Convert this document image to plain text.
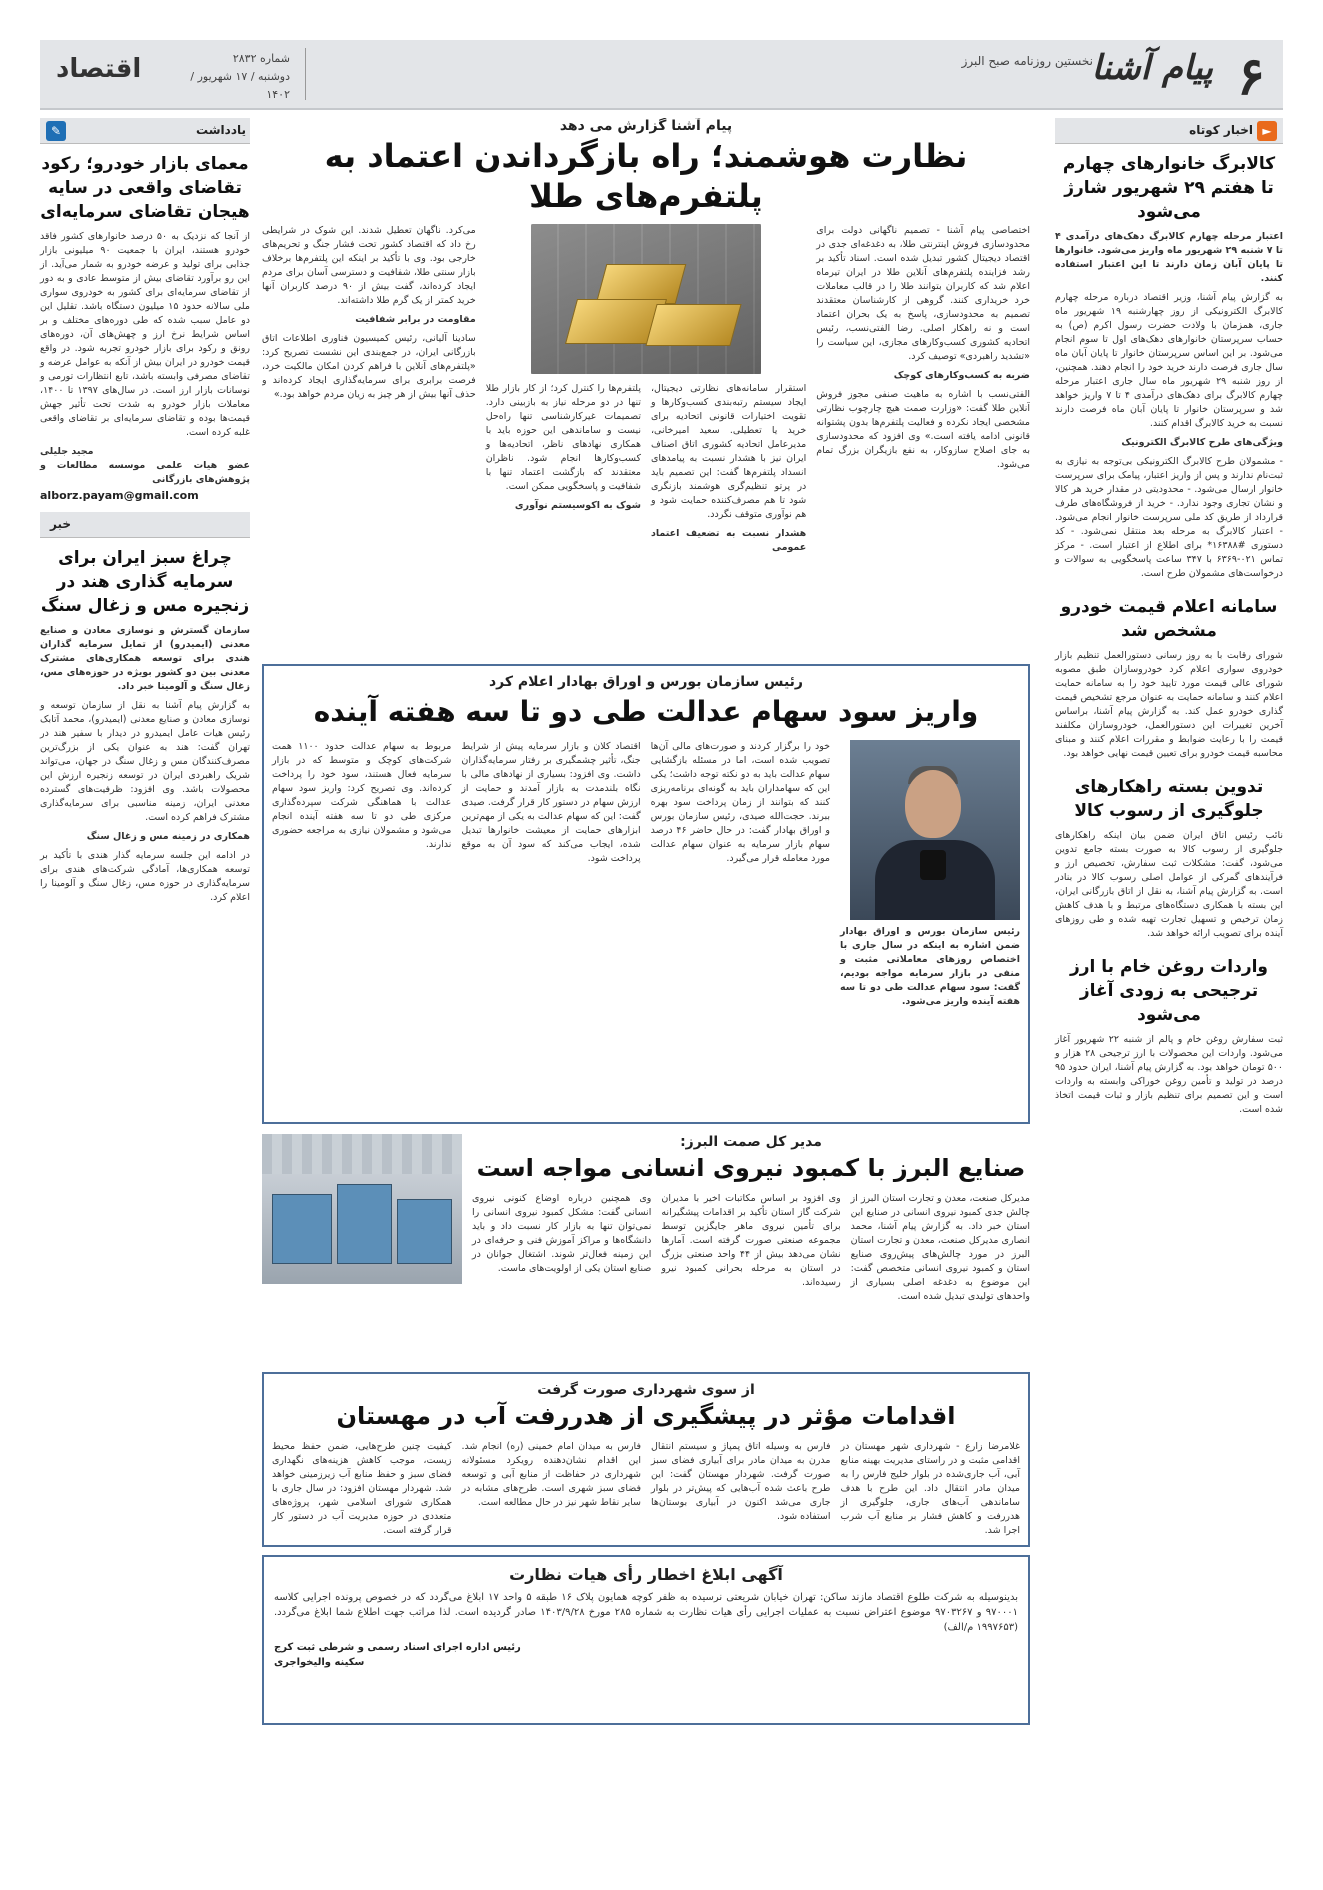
۶
پیام آشنا
نخستین روزنامه صبح البرز
شماره ۲۸۳۲
دوشنبه / ۱۷ شهریور / ۱۴۰۲
اقتصاد
►
اخبار کوتاه
کالابرگ خانوارهای چهارم تا هفتم ۲۹ شهریور شارژ می‌شود

اعتبار مرحله چهارم کالابرگ دهک‌های درآمدی ۴ تا ۷ شنبه ۲۹ شهریور ماه واریز می‌شود. خانوارها تا پایان آبان زمان دارند تا این اعتبار استفاده کنند.

به گزارش پیام آشنا، وزیر اقتصاد درباره مرحله چهارم کالابرگ الکترونیکی از روز چهارشنبه ۱۹ شهریور ماه جاری، همزمان با ولادت حضرت رسول اکرم (ص) به حساب سرپرستان خانوارهای دهک‌های اول تا سوم انجام می‌شود. بر این اساس سرپرستان خانوار تا پایان آبان ماه سال جاری فرصت دارند خرید خود را انجام دهند. همچنین، از روز شنبه ۲۹ شهریور ماه سال جاری اعتبار مرحله چهارم کالابرگ برای دهک‌های درآمدی ۴ تا ۷ واریز خواهد شد و سرپرستان خانوار تا پایان آبان ماه فرصت دارند نسبت به خرید کالابرگ اقدام کنند.

ویژگی‌های طرح کالابرگ الکترونیک

- مشمولان طرح کالابرگ الکترونیکی بی‌توجه به نیازی به ثبت‌نام ندارند و پس از واریز اعتبار، پیامک برای سرپرست خانوار ارسال می‌شود. - محدودیتی در مقدار خرید هر کالا و نشان تجاری وجود ندارد. - خرید از فروشگاه‌های طرف قرارداد از طریق کد ملی سرپرست خانوار انجام می‌شود. - اعتبار کالابرگ به مرحله بعد منتقل نمی‌شود. - کد دستوری #۱۶۳۸۸* برای اطلاع از اعتبار است. - مرکز تماس ۰۲۱-۶۳۶۹ با ۳۴۷ ساعت پاسخگویی به سوالات و درخواست‌های مشمولان طرح است.

سامانه اعلام قیمت خودرو مشخص شد

شورای رقابت با به روز رسانی دستورالعمل تنظیم بازار خودروی سواری اعلام کرد خودروسازان طبق مصوبه شورای عالی قیمت مورد تایید خود را به سامانه حمایت اعلام کنند و سامانه حمایت به عنوان مرجع تشخیص قیمت گذاری خودرو عمل کند. به گزارش پیام آشنا، براساس آخرین تغییرات این دستورالعمل، خودروسازان مکلفند قیمت را با رعایت ضوابط و مقررات اعلام کنند و مبنای محاسبه قیمت خودرو برای تعیین قیمت نهایی خواهد بود.

تدوین بسته راهکارهای جلوگیری از رسوب کالا

نائب رئیس اتاق ایران ضمن بیان اینکه راهکارهای جلوگیری از رسوب کالا به صورت بسته جامع تدوین می‌شود، گفت: مشکلات ثبت سفارش، تخصیص ارز و فرآیندهای گمرکی از عوامل اصلی رسوب کالا در بنادر است. به گزارش پیام آشنا، به نقل از اتاق بازرگانی ایران، این بسته با همکاری دستگاه‌های مرتبط و با هدف کاهش زمان ترخیص و تسهیل تجارت تهیه شده و طی روزهای آینده برای تصویب ارائه خواهد شد.

واردات روغن خام با ارز ترجیحی به زودی آغاز می‌شود

ثبت سفارش روغن خام و پالم از شنبه ۲۲ شهریور آغاز می‌شود. واردات این محصولات با ارز ترجیحی ۲۸ هزار و ۵۰۰ تومان خواهد بود. به گزارش پیام آشنا، ایران حدود ۹۵ درصد در تولید و تأمین روغن خوراکی وابسته به واردات است و این تصمیم برای تنظیم بازار و ثبات قیمت اتخاذ شده است.

پیام آشنا گزارش می دهد
نظارت هوشمند؛ راه بازگرداندن اعتماد به پلتفرم‌های طلا

اختصاصی پیام آشنا - تصمیم ناگهانی دولت برای محدودسازی فروش اینترنتی طلا، به دغدغه‌ای جدی در اقتصاد دیجیتال کشور تبدیل شده است. اسناد تأکید بر رشد فزاینده پلتفرم‌های آنلاین طلا در ایران تیرماه اعلام شد که کاربران بتوانند طلا را در قالب معاملات خرد خریداری کنند. گروهی از کارشناسان معتقدند تصمیم به محدودسازی، پاسخ به یک بحران اعتماد است و نه راهکار اصلی. رضا الفتی‌نسب، رئیس اتحادیه کشوری کسب‌وکارهای مجازی، این سیاست را «تشدید راهبردی» توصیف کرد.

ضربه به کسب‌وکارهای کوچک

الفتی‌نسب با اشاره به ماهیت صنفی مجوز فروش آنلاین طلا گفت: «وزارت صمت هیچ چارچوب نظارتی مشخصی ایجاد نکرده و فعالیت پلتفرم‌ها بدون پشتوانه قانونی ادامه یافته است.» وی افزود که محدودسازی به جای اصلاح سازوکار، به نفع بازیگران بزرگ تمام می‌شود.

استقرار سامانه‌های نظارتی دیجیتال، ایجاد سیستم رتبه‌بندی کسب‌وکارها و تقویت اختیارات قانونی اتحادیه برای خرید یا تعطیلی. سعید امیرخانی، مدیرعامل اتحادیه کشوری اتاق اصناف ایران نیز با هشدار نسبت به پیامدهای انسداد پلتفرم‌ها گفت: این تصمیم باید در پرتو تنظیم‌گری هوشمند بازنگری شود تا هم مصرف‌کننده حمایت شود و هم نوآوری متوقف نگردد.

هشدار نسبت به تضعیف اعتماد عمومی

پلتفرم‌ها را کنترل کرد؛ از کار بازار طلا تنها در دو مرحله نیاز به بازبینی دارد. تصمیمات غیرکارشناسی تنها راه‌حل نیست و ساماندهی این حوزه باید با همکاری نهادهای ناظر، اتحادیه‌ها و کسب‌وکارها انجام شود. ناظران معتقدند که بازگشت اعتماد تنها با شفافیت و پاسخگویی ممکن است.

شوک به اکوسیستم نوآوری

می‌کرد. ناگهان تعطیل شدند. این شوک در شرایطی رخ داد که اقتصاد کشور تحت فشار جنگ و تحریم‌های خارجی بود. وی با تأکید بر اینکه این پلتفرم‌ها برخلاف بازار سنتی طلا، شفافیت و دسترسی آسان برای مردم ایجاد کرده‌اند، گفت بیش از ۹۰ درصد کاربران آنها خرید کمتر از یک گرم طلا داشته‌اند.

مقاومت در برابر شفافیت

سادینا آلیانی، رئیس کمیسیون فناوری اطلاعات اتاق بازرگانی ایران، در جمع‌بندی این نشست تصریح کرد: «پلتفرم‌های آنلاین با فراهم کردن امکان مالکیت خرد، فرصت برابری برای سرمایه‌گذاری ایجاد کرده‌اند و حذف آنها بیش از هر چیز به زیان مردم خواهد بود.»

رئیس سازمان بورس و اوراق بهادار اعلام کرد
واریز سود سهام عدالت طی دو تا سه هفته آینده

رئیس سازمان بورس و اوراق بهادار ضمن اشاره به اینکه در سال جاری با اختصاص روزهای معاملاتی مثبت و منفی در بازار سرمایه مواجه بودیم، گفت: سود سهام عدالت طی دو تا سه هفته آینده واریز می‌شود.

خود را برگزار کردند و صورت‌های مالی آن‌ها تصویب شده است، اما در مسئله بازگشایی سهام عدالت باید به دو نکته توجه داشت؛ یکی این که سهامداران باید به گونه‌ای برنامه‌ریزی کنند که بتوانند از زمان پرداخت سود بهره ببرند. حجت‌الله صیدی، رئیس سازمان بورس و اوراق بهادار گفت: در حال حاضر ۴۶ درصد سهام بازار سرمایه به عنوان سهام عدالت مورد معامله قرار می‌گیرد.

اقتصاد کلان و بازار سرمایه پیش از شرایط جنگ، تأثیر چشمگیری بر رفتار سرمایه‌گذاران داشت. وی افزود: بسیاری از نهادهای مالی با نگاه بلندمدت به بازار آمدند و حمایت از ارزش سهام در دستور کار قرار گرفت. صیدی گفت: این که سهام عدالت به یکی از مهم‌ترین ابزارهای حمایت از معیشت خانوارها تبدیل شده، ایجاب می‌کند که سود آن به موقع پرداخت شود.

مربوط به سهام عدالت حدود ۱۱۰۰ همت شرکت‌های کوچک و متوسط که در بازار سرمایه فعال هستند، سود خود را پرداخت کرده‌اند. وی تصریح کرد: واریز سود سهام عدالت با هماهنگی شرکت سپرده‌گذاری مرکزی طی دو تا سه هفته آینده انجام می‌شود و مشمولان نیازی به مراجعه حضوری ندارند.

مدیر کل صمت البرز:
صنایع البرز با کمبود نیروی انسانی مواجه است

مدیرکل صنعت، معدن و تجارت استان البرز از چالش جدی کمبود نیروی انسانی در صنایع این استان خبر داد. به گزارش پیام آشنا، محمد انصاری مدیرکل صنعت، معدن و تجارت استان البرز در مورد چالش‌های پیش‌روی صنایع استان و کمبود نیروی انسانی متخصص گفت: این موضوع به دغدغه اصلی بسیاری از واحدهای تولیدی تبدیل شده است.

وی افزود بر اساس مکاتبات اخیر با مدیران شرکت گاز استان تأکید بر اقدامات پیشگیرانه برای تأمین نیروی ماهر جایگزین توسط مجموعه صنعتی صورت گرفته است. آمارها نشان می‌دهد بیش از ۴۴ واحد صنعتی بزرگ در استان به مرحله بحرانی کمبود نیرو رسیده‌اند.

وی همچنین درباره اوضاع کنونی نیروی انسانی گفت: مشکل کمبود نیروی انسانی را نمی‌توان تنها به بازار کار نسبت داد و باید دانشگاه‌ها و مراکز آموزش فنی و حرفه‌ای در این زمینه فعال‌تر شوند. اشتغال جوانان در صنایع استان یکی از اولویت‌های ماست.

از سوی شهرداری صورت گرفت
اقدامات مؤثر در پیشگیری از هدررفت آب در مهستان

غلامرضا زارع - شهرداری شهر مهستان در اقدامی مثبت و در راستای مدیریت بهینه منابع آبی، آب جاری‌شده در بلوار خلیج فارس را به میدان مادر انتقال داد. این طرح با هدف ساماندهی آب‌های جاری، جلوگیری از هدررفت و کاهش فشار بر منابع آب شرب اجرا شد.

فارس به وسیله اتاق پمپاژ و سیستم انتقال مدرن به میدان مادر برای آبیاری فضای سبز صورت گرفت. شهردار مهستان گفت: این طرح باعث شده آب‌هایی که پیش‌تر در بلوار جاری می‌شد اکنون در آبیاری بوستان‌ها استفاده شود.

فارس به میدان امام خمینی (ره) انجام شد. این اقدام نشان‌دهنده رویکرد مسئولانه شهرداری در حفاظت از منابع آبی و توسعه فضای سبز شهری است. طرح‌های مشابه در سایر نقاط شهر نیز در حال مطالعه است.

کیفیت چنین طرح‌هایی، ضمن حفظ محیط زیست، موجب کاهش هزینه‌های نگهداری فضای سبز و حفظ منابع آب زیرزمینی خواهد شد. شهردار مهستان افزود: در سال جاری با همکاری شورای اسلامی شهر، پروژه‌های متعددی در حوزه مدیریت آب در دستور کار قرار گرفته است.

آگهی ابلاغ اخطار رأی هیات نظارت

بدینوسیله به شرکت طلوع اقتصاد مازند ساکن: تهران خیابان شریعتی نرسیده به ظفر کوچه همایون پلاک ۱۶ طبقه ۵ واحد ۱۷ ابلاغ می‌گردد که در خصوص پرونده اجرایی کلاسه ۹۷۰۰۰۱ و ۹۷۰۳۲۶۷ موضوع اعتراض نسبت به عملیات اجرایی رأی هیات نظارت به شماره ۲۸۵ مورخ ۱۴۰۳/۹/۲۸ صادر گردیده است. لذا مراتب جهت اطلاع شما ابلاغ می‌گردد. (۱۹۹۷۶۵۳ م/الف)

رئیس اداره اجرای اسناد رسمی و شرطی ثبت کرج
سکینه والیخواجری
✎	یادداشت
معمای بازار خودرو؛ رکود تقاضای واقعی در سایه هیجان تقاضای سرمایه‌ای

از آنجا که نزدیک به ۵۰ درصد خانوارهای کشور فاقد خودرو هستند، ایران با جمعیت ۹۰ میلیونی بازار جذابی برای تولید و عرضه خودرو به شمار می‌آید. از این رو برآورد تقاضای بیش از متوسط عادی و به دور از تقاضای سرمایه‌ای برای کشور به خودروی سواری ملی سالانه حدود ۱۵ میلیون دستگاه باشد. تقلیل این دو عامل سبب شده که طی دوره‌های مختلف و بر اساس شرایط نرخ ارز و چهش‌های آن، دوره‌های رونق و رکود برای بازار خودرو تجربه شود. در واقع قیمت خودرو در ایران بیش از آنکه به عوامل عرضه و تقاضای مصرفی وابسته باشد، تابع انتظارات تورمی و نوسانات بازار ارز است. در سال‌های ۱۳۹۷ تا ۱۴۰۰، معاملات بازار خودرو به شدت تحت تأثیر جهش قیمت‌ها بوده و تقاضای سرمایه‌ای بر تقاضای واقعی غلبه کرده است.

مجید جلیلی

عضو هیات علمی موسسه مطالعات و پژوهش‌های بازرگانی

alborz.payam@gmail.com
خبر
چراغ سبز ایران برای سرمایه گذاری هند در زنجیره مس و زغال سنگ

سازمان گسترش و نوسازی معادن و صنایع معدنی (ایمیدرو) از تمایل سرمایه گذاران هندی برای توسعه همکاری‌های مشترک معدنی بین دو کشور بویژه در حوزه‌های مس، زغال سنگ و آلومینا خبر داد.

به گزارش پیام آشنا به نقل از سازمان توسعه و نوسازی معادن و صنایع معدنی (ایمیدرو)، محمد آتابک رئیس هیات عامل ایمیدرو در دیدار با سفیر هند در تهران گفت: هند به عنوان یکی از بزرگ‌ترین مصرف‌کنندگان مس و زغال سنگ در جهان، می‌تواند شریک راهبردی ایران در توسعه زنجیره ارزش این محصولات باشد. وی افزود: ظرفیت‌های گسترده معدنی ایران، زمینه مناسبی برای سرمایه‌گذاری مشترک فراهم کرده است.

همکاری در زمینه مس و زغال سنگ

در ادامه این جلسه سرمایه گذار هندی با تأکید بر توسعه همکاری‌ها، آمادگی شرکت‌های هندی برای سرمایه‌گذاری در حوزه مس، زغال سنگ و آلومینا را اعلام کرد.
